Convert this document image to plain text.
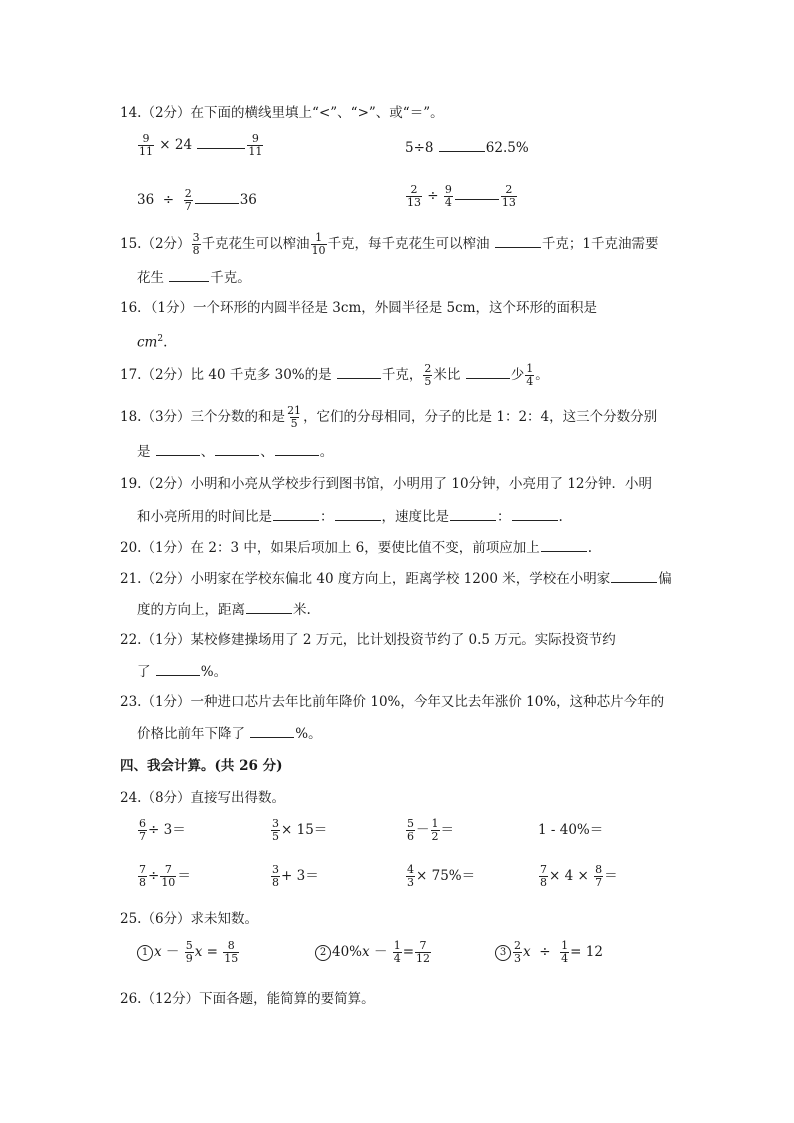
14.（2分）在下面的横线里填上“<”、“>”、或“＝”。
$\frac{9}{11} \times 24$	$\frac{9}{11}$	5÷8	62.5%
$36 \div \frac{2}{7}$	36	$\frac{2}{13} \div \frac{9}{4}$	$\frac{2}{13}$
15.（2分） $\frac{3}{8}$ 千克花生可以榨油 $\frac{1}{10}$ 千克，每千克花生可以榨油	千克；1千克油需要
花生	千克。
16．（1分）一个环形的内圆半径是 3cm，外圆半径是 5cm，这个环形的面积是
$cm^2$.
17.（2分）比 40 千克多 30%的是	千克， $\frac{2}{5}$ 米比	少 $\frac{1}{4}$ 。
18.（3分）三个分数的和是 $\frac{21}{5}$ ，它们的分母相同，分子的比是 1：2：4，这三个分数分别
是	、	、	。
19.（2分）小明和小亮从学校步行到图书馆，小明用了 10分钟，小亮用了 12分钟．小明
和小亮所用的时间比是	：	，速度比是	：	.
20.（1分）在 2：3 中，如果后项加上 6，要使比值不变，前项应加上	.
21.（2分）小明家在学校东偏北 40 度方向上，距离学校 1200 米，学校在小明家	偏
度的方向上，距离	米.
22.（1分）某校修建操场用了 2 万元，比计划投资节约了 0.5 万元。实际投资节约
了	%。
23.（1分）一种进口芯片去年比前年降价 10%，今年又比去年涨价 10%，这种芯片今年的
价格比前年下降了	%。
四、我会计算。(共 26 分)
24.（8分）直接写出得数。
$\frac{6}{7} \div 3=$	$\frac{3}{5} \times 15=$	$\frac{5}{6} - \frac{1}{2}$ ＝	1 - 40%＝
$\frac{7}{8} \div \frac{7}{10}$ ＝	$\frac{3}{8} + 3=$	$\frac{4}{3} \times 75\%=$	$\frac{7}{8} \times 4 \times \frac{8}{7}$ ＝
25.（6分）求未知数。
1 $x - \frac{5}{9}$ $x = \frac{8}{15}$	2 $40\%x - \frac{1}{4} = \frac{7}{12}$	$3 \frac{2}{3}$ $x \div \frac{1}{4} = 12$
26.（12分）下面各题，能简算的要简算。
